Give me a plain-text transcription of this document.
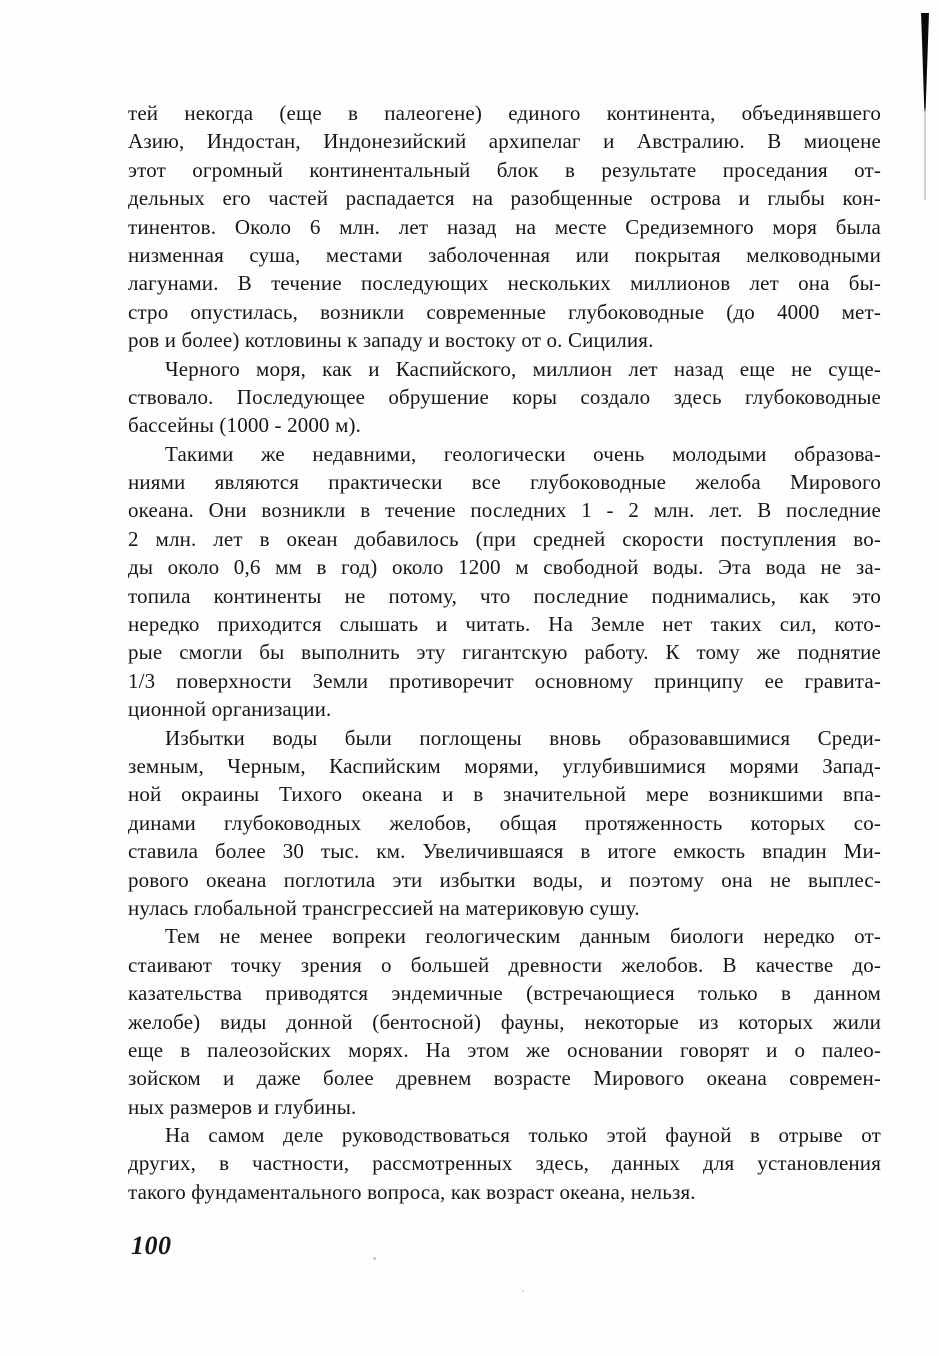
тей некогда (еще в палеогене) единого континента, объединявшего
Азию, Индостан, Индонезийский архипелаг и Австралию. В миоцене
этот огромный континентальный блок в результате проседания от-
дельных его частей распадается на разобщенные острова и глыбы кон-
тинентов. Около 6 млн. лет назад на месте Средиземного моря была
низменная суша, местами заболоченная или покрытая мелководными
лагунами. В течение последующих нескольких миллионов лет она бы-
стро опустилась, возникли современные глубоководные (до 4000 мет-
ров и более) котловины к западу и востоку от о. Сицилия.
Черного моря, как и Каспийского, миллион лет назад еще не суще-
ствовало. Последующее обрушение коры создало здесь глубоководные
бассейны (1000 - 2000 м).
Такими же недавними, геологически очень молодыми образова-
ниями являются практически все глубоководные желоба Мирового
океана. Они возникли в течение последних 1 - 2 млн. лет. В последние
2 млн. лет в океан добавилось (при средней скорости поступления во-
ды около 0,6 мм в год) около 1200 м свободной воды. Эта вода не за-
топила континенты не потому, что последние поднимались, как это
нередко приходится слышать и читать. На Земле нет таких сил, кото-
рые смогли бы выполнить эту гигантскую работу. К тому же поднятие
1/3 поверхности Земли противоречит основному принципу ее гравита-
ционной организации.
Избытки воды были поглощены вновь образовавшимися Среди-
земным, Черным, Каспийским морями, углубившимися морями Запад-
ной окраины Тихого океана и в значительной мере возникшими впа-
динами глубоководных желобов, общая протяженность которых со-
ставила более 30 тыс. км. Увеличившаяся в итоге емкость впадин Ми-
рового океана поглотила эти избытки воды, и поэтому она не выплес-
нулась глобальной трансгрессией на материковую сушу.
Тем не менее вопреки геологическим данным биологи нередко от-
стаивают точку зрения о большей древности желобов. В качестве до-
казательства приводятся эндемичные (встречающиеся только в данном
желобе) виды донной (бентосной) фауны, некоторые из которых жили
еще в палеозойских морях. На этом же основании говорят и о палео-
зойском и даже более древнем возрасте Мирового океана современ-
ных размеров и глубины.
На самом деле руководствоваться только этой фауной в отрыве от
других, в частности, рассмотренных здесь, данных для установления
такого фундаментального вопроса, как возраст океана, нельзя.
100
